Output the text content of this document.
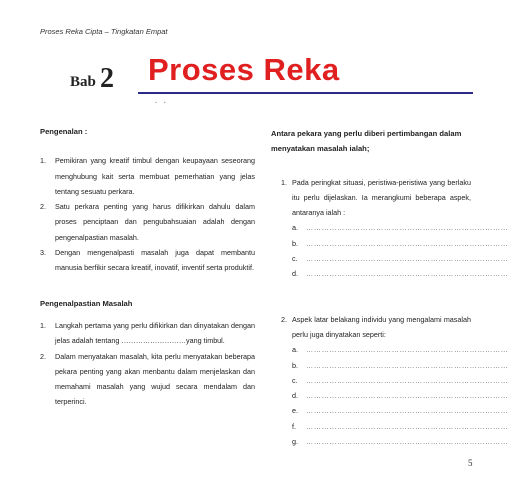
Proses Reka Cipta – Tingkatan Empat
Bab 2 Proses Reka
▪     ▪
Pengenalan :
1. Pemikiran yang kreatif timbul dengan keupayaan seseorang menghubung kait serta membuat pemerhatian yang jelas tentang sesuatu perkara.
2. Satu perkara penting yang harus difikirkan dahulu dalam proses penciptaan dan pengubahsuaian adalah dengan pengenalpastian masalah.
3. Dengan mengenalpasti masalah juga dapat membantu manusia berfikir secara kreatif, inovatif, inventif serta produktif.
Pengenalpastian Masalah
1. Langkah pertama yang perlu difikirkan dan dinyatakan dengan jelas adalah tentang ………………………yang timbul.
2. Dalam menyatakan masalah, kita perlu menyatakan beberapa pekara penting yang akan menbantu dalam menjelaskan dan memahami masalah yang wujud secara mendalam dan terperinci.
Antara pekara yang perlu diberi pertimbangan dalam menyatakan masalah ialah;
1. Pada peringkat situasi, peristiwa-peristiwa yang berlaku itu perlu dijelaskan. Ia merangkumi beberapa aspek, antaranya ialah :
a. ……………………………………………………………………
b. ……………………………………………………………………
c. ……………………………………………………………………
d. ……………………………………………………………………
2. Aspek latar belakang individu yang mengalami masalah perlu juga dinyatakan seperti:
a. ……………………………………………………………………
b. ……………………………………………………………………
c. ……………………………………………………………………
d. ……………………………………………………………………
e. ……………………………………………………………………
f. ……………………………………………………………………
g. ……………………………………………………………………
5
